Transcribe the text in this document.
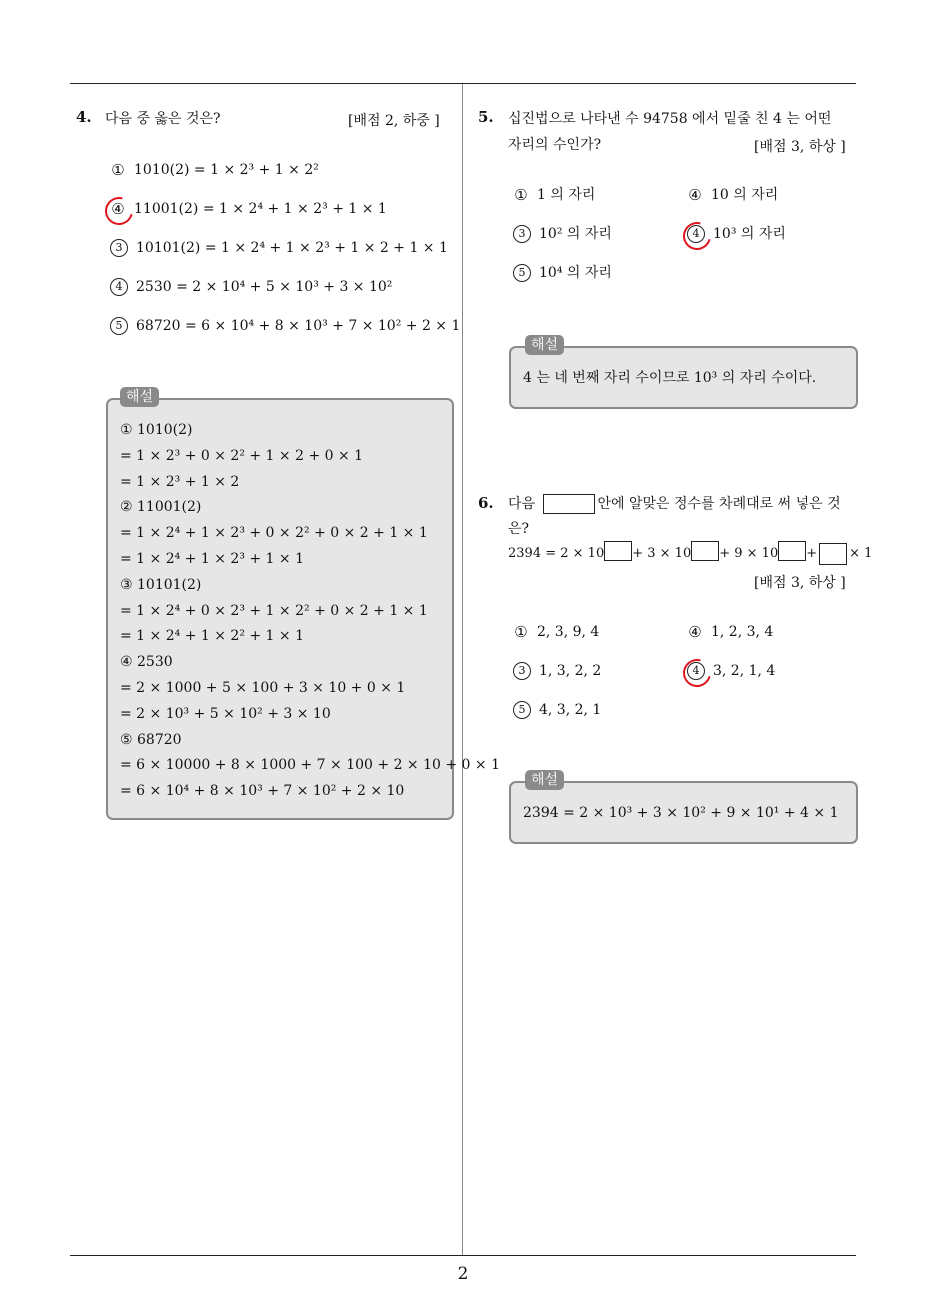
2
4. 다음 중 옳은 것은?	[배점 2, 하중 ]
① 1010(2) = 1 × 2³ + 1 × 2²
④ 11001(2) = 1 × 2⁴ + 1 × 2³ + 1 × 1
3 10101(2) = 1 × 2⁴ + 1 × 2³ + 1 × 2 + 1 × 1
4 2530 = 2 × 10⁴ + 5 × 10³ + 3 × 10²
5 68720 = 6 × 10⁴ + 8 × 10³ + 7 × 10² + 2 × 1
해설
① 1010(2)
= 1 × 2³ + 0 × 2² + 1 × 2 + 0 × 1
= 1 × 2³ + 1 × 2
② 11001(2)
= 1 × 2⁴ + 1 × 2³ + 0 × 2² + 0 × 2 + 1 × 1
= 1 × 2⁴ + 1 × 2³ + 1 × 1
③ 10101(2)
= 1 × 2⁴ + 0 × 2³ + 1 × 2² + 0 × 2 + 1 × 1
= 1 × 2⁴ + 1 × 2² + 1 × 1
④ 2530
= 2 × 1000 + 5 × 100 + 3 × 10 + 0 × 1
= 2 × 10³ + 5 × 10² + 3 × 10
⑤ 68720
= 6 × 10000 + 8 × 1000 + 7 × 100 + 2 × 10 + 0 × 1
= 6 × 10⁴ + 8 × 10³ + 7 × 10² + 2 × 10
5. 십진법으로 나타낸 수 94758 에서 밑줄 친 4 는 어떤
자리의 수인가?	[배점 3, 하상 ]
① 1 의 자리	④ 10 의 자리
3 10² 의 자리	4 10³ 의 자리
5 10⁴ 의 자리
해설
4 는 네 번째 자리 수이므로 10³ 의 자리 수이다.
6. 다음	안에 알맞은 정수를 차례대로 써 넣은 것
은?
2394 = 2 × 10 + 3 × 10 + 9 × 10 + × 1
[배점 3, 하상 ]
① 2, 3, 9, 4	④ 1, 2, 3, 4
3 1, 3, 2, 2	4 3, 2, 1, 4
5 4, 3, 2, 1
해설
2394 = 2 × 10³ + 3 × 10² + 9 × 10¹ + 4 × 1
